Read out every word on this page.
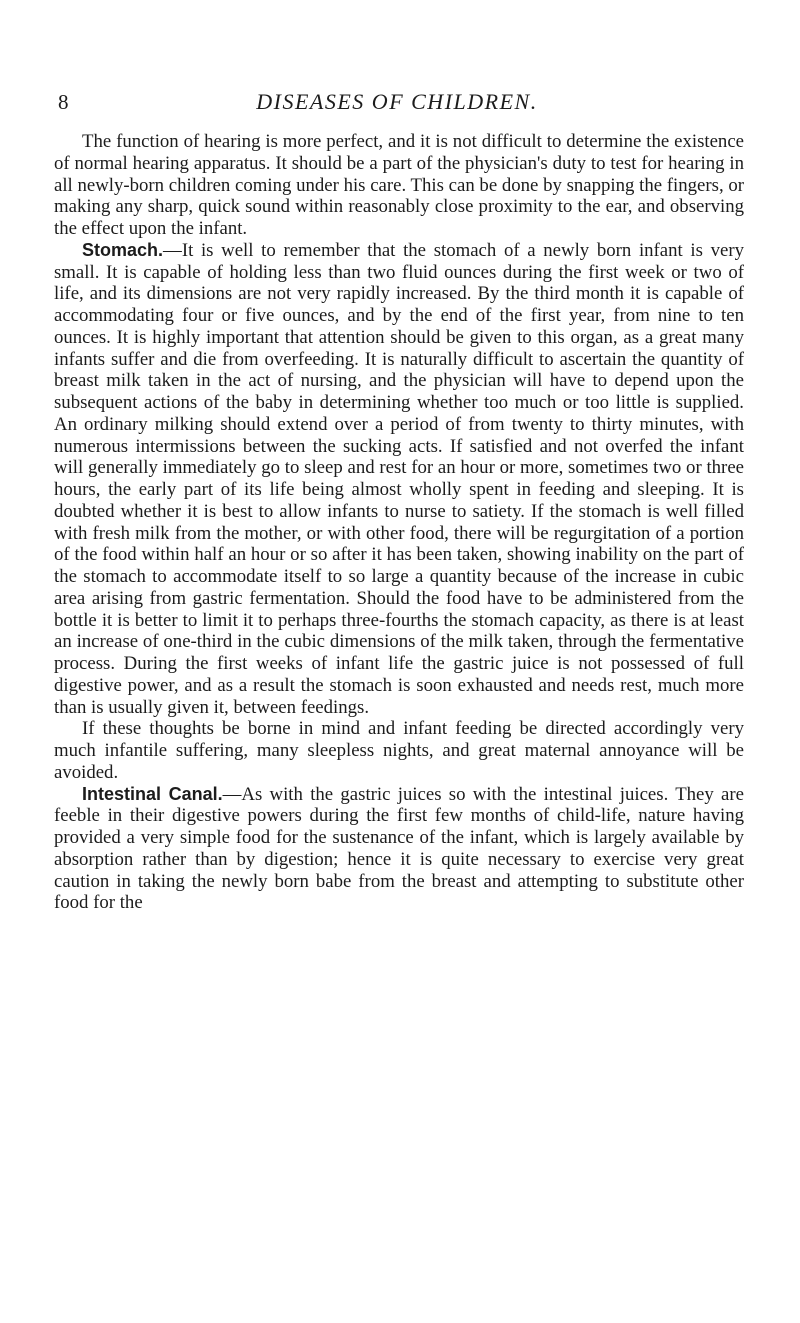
8	DISEASES OF CHILDREN.

The function of hearing is more perfect, and it is not difficult to determine the existence of normal hearing apparatus. It should be a part of the physician's duty to test for hearing in all newly-born children coming under his care. This can be done by snapping the fingers, or making any sharp, quick sound within reasonably close proximity to the ear, and observing the effect upon the infant.

Stomach.—It is well to remember that the stomach of a newly born infant is very small. It is capable of holding less than two fluid ounces during the first week or two of life, and its dimensions are not very rapidly increased. By the third month it is capable of accommodating four or five ounces, and by the end of the first year, from nine to ten ounces. It is highly important that attention should be given to this organ, as a great many infants suffer and die from overfeeding. It is naturally difficult to ascertain the quantity of breast milk taken in the act of nursing, and the physician will have to depend upon the subsequent actions of the baby in determining whether too much or too little is supplied. An ordinary milking should extend over a period of from twenty to thirty minutes, with numerous intermissions between the sucking acts. If satisfied and not overfed the infant will generally immediately go to sleep and rest for an hour or more, sometimes two or three hours, the early part of its life being almost wholly spent in feeding and sleeping. It is doubted whether it is best to allow infants to nurse to satiety. If the stomach is well filled with fresh milk from the mother, or with other food, there will be regurgitation of a portion of the food within half an hour or so after it has been taken, showing inability on the part of the stomach to accommodate itself to so large a quantity because of the increase in cubic area arising from gastric fermentation. Should the food have to be administered from the bottle it is better to limit it to perhaps three-fourths the stomach capacity, as there is at least an increase of one-third in the cubic dimensions of the milk taken, through the fermentative process. During the first weeks of infant life the gastric juice is not possessed of full digestive power, and as a result the stomach is soon exhausted and needs rest, much more than is usually given it, between feedings.

If these thoughts be borne in mind and infant feeding be directed accordingly very much infantile suffering, many sleepless nights, and great maternal annoyance will be avoided.

Intestinal Canal.—As with the gastric juices so with the intestinal juices. They are feeble in their digestive powers during the first few months of child-life, nature having provided a very simple food for the sustenance of the infant, which is largely available by absorption rather than by digestion; hence it is quite necessary to exercise very great caution in taking the newly born babe from the breast and attempting to substitute other food for the
